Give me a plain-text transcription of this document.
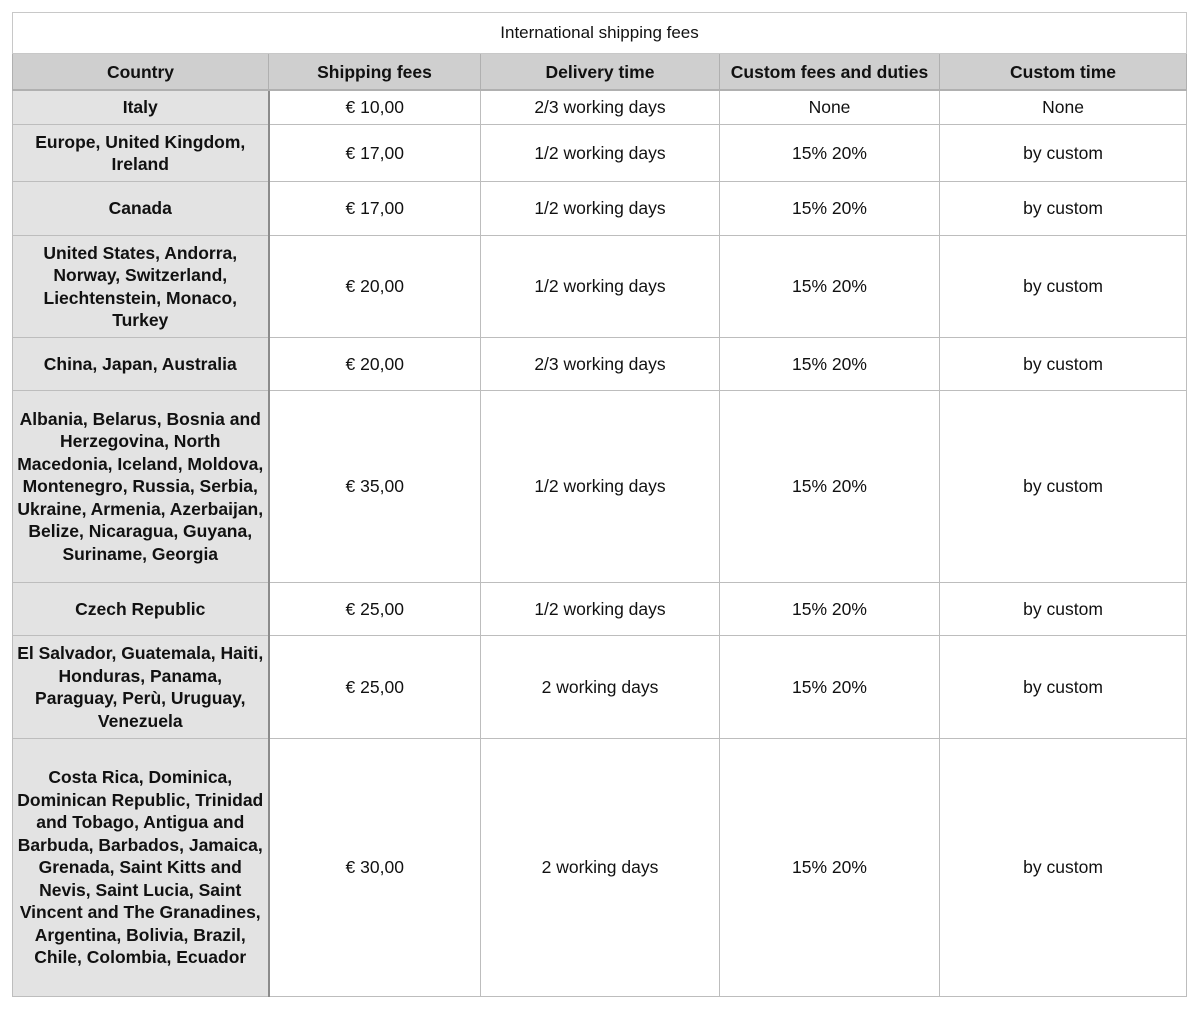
International shipping fees				
Country	Shipping fees	Delivery time	Custom fees and duties	Custom time
Italy	€ 10,00	2/3 working days	None	None
Europe, United Kingdom, Ireland	€ 17,00	1/2 working days	15% 20%	by custom
Canada	€ 17,00	1/2 working days	15% 20%	by custom
United States, Andorra, Norway, Switzerland, Liechtenstein, Monaco, Turkey	€ 20,00	1/2 working days	15% 20%	by custom
China, Japan, Australia	€ 20,00	2/3 working days	15% 20%	by custom
Albania, Belarus, Bosnia and Herzegovina, North Macedonia, Iceland, Moldova, Montenegro, Russia, Serbia, Ukraine, Armenia, Azerbaijan, Belize, Nicaragua, Guyana, Suriname, Georgia	€ 35,00	1/2 working days	15% 20%	by custom
Czech Republic	€ 25,00	1/2 working days	15% 20%	by custom
El Salvador, Guatemala, Haiti, Honduras, Panama, Paraguay, Perù, Uruguay, Venezuela	€ 25,00	2 working days	15% 20%	by custom
Costa Rica, Dominica, Dominican Republic, Trinidad and Tobago, Antigua and Barbuda, Barbados, Jamaica, Grenada, Saint Kitts and Nevis, Saint Lucia, Saint Vincent and The Granadines, Argentina, Bolivia, Brazil, Chile, Colombia, Ecuador	€ 30,00	2 working days	15% 20%	by custom
